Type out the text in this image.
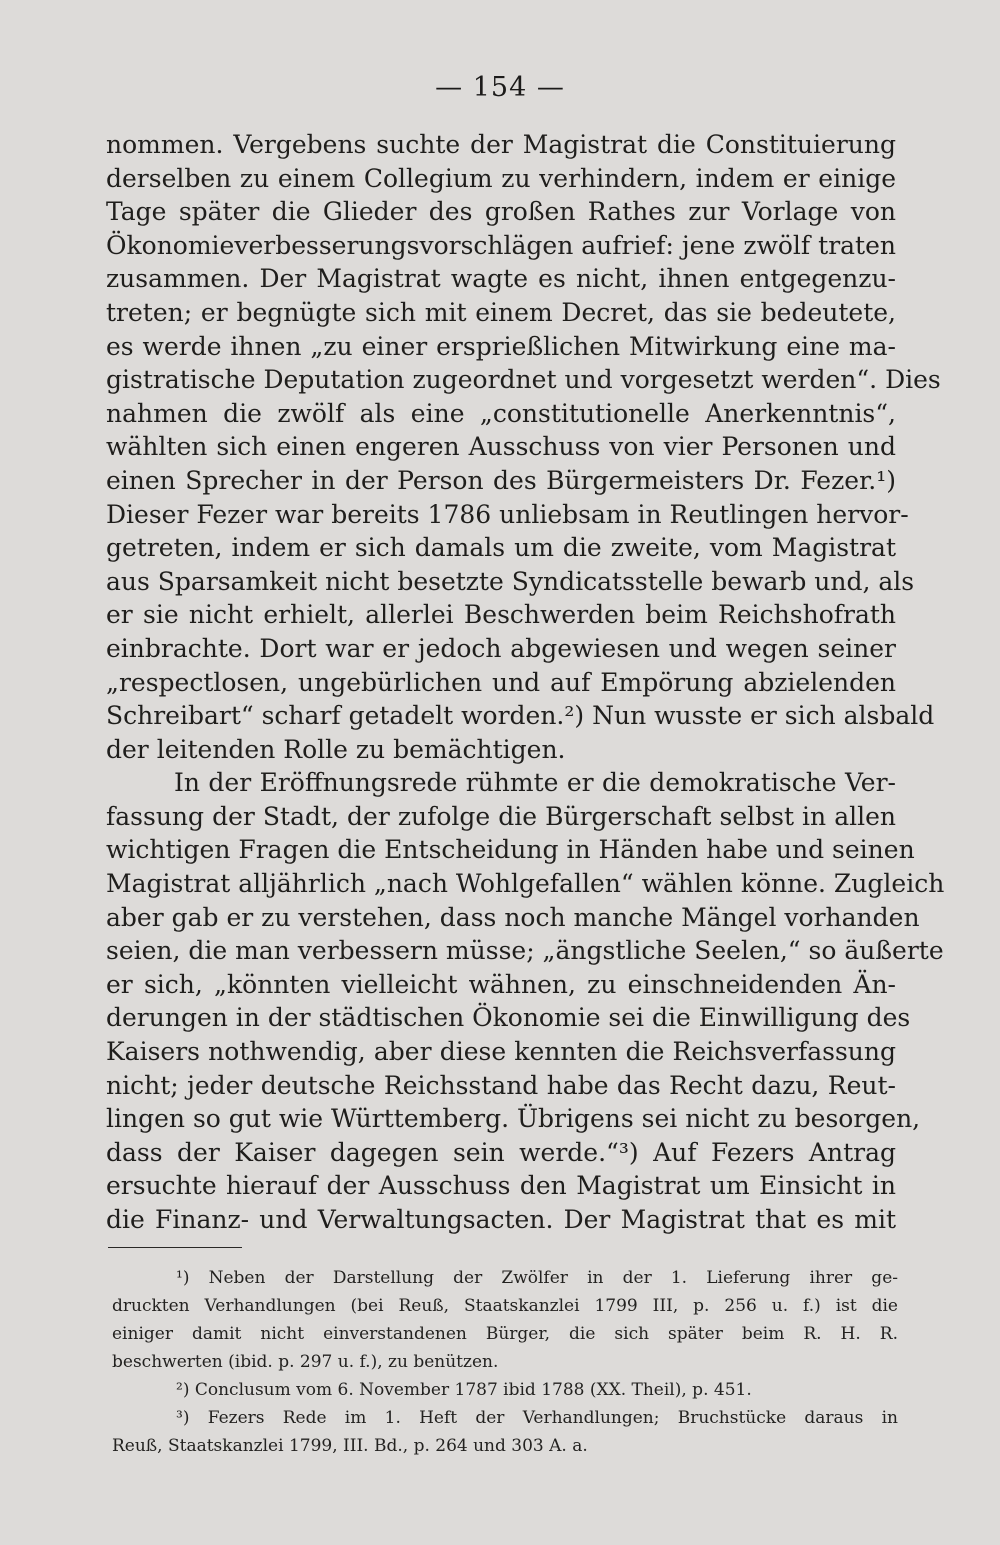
— 154 —
nommen. Vergebens suchte der Magistrat die Constituierung
derselben zu einem Collegium zu verhindern, indem er einige
Tage später die Glieder des großen Rathes zur Vorlage von
Ökonomieverbesserungsvorschlägen aufrief: jene zwölf traten
zusammen. Der Magistrat wagte es nicht, ihnen entgegenzu-
treten; er begnügte sich mit einem Decret, das sie bedeutete,
es werde ihnen „zu einer ersprießlichen Mitwirkung eine ma-
gistratische Deputation zugeordnet und vorgesetzt werden“. Dies
nahmen die zwölf als eine „constitutionelle Anerkenntnis“,
wählten sich einen engeren Ausschuss von vier Personen und
einen Sprecher in der Person des Bürgermeisters Dr. Fezer.¹)
Dieser Fezer war bereits 1786 unliebsam in Reutlingen hervor-
getreten, indem er sich damals um die zweite, vom Magistrat
aus Sparsamkeit nicht besetzte Syndicatsstelle bewarb und, als
er sie nicht erhielt, allerlei Beschwerden beim Reichshofrath
einbrachte. Dort war er jedoch abgewiesen und wegen seiner
„respectlosen, ungebürlichen und auf Empörung abzielenden
Schreibart“ scharf getadelt worden.²) Nun wusste er sich alsbald
der leitenden Rolle zu bemächtigen.
In der Eröffnungsrede rühmte er die demokratische Ver-
fassung der Stadt, der zufolge die Bürgerschaft selbst in allen
wichtigen Fragen die Entscheidung in Händen habe und seinen
Magistrat alljährlich „nach Wohlgefallen“ wählen könne. Zugleich
aber gab er zu verstehen, dass noch manche Mängel vorhanden
seien, die man verbessern müsse; „ängstliche Seelen,“ so äußerte
er sich, „könnten vielleicht wähnen, zu einschneidenden Än-
derungen in der städtischen Ökonomie sei die Einwilligung des
Kaisers nothwendig, aber diese kennten die Reichsverfassung
nicht; jeder deutsche Reichsstand habe das Recht dazu, Reut-
lingen so gut wie Württemberg. Übrigens sei nicht zu besorgen,
dass der Kaiser dagegen sein werde.“³) Auf Fezers Antrag
ersuchte hierauf der Ausschuss den Magistrat um Einsicht in
die Finanz- und Verwaltungsacten. Der Magistrat that es mit
¹) Neben der Darstellung der Zwölfer in der 1. Lieferung ihrer ge-
druckten Verhandlungen (bei Reuß, Staatskanzlei 1799 III, p. 256 u. f.) ist die
einiger damit nicht einverstandenen Bürger, die sich später beim R. H. R.
beschwerten (ibid. p. 297 u. f.), zu benützen.
²) Conclusum vom 6. November 1787 ibid 1788 (XX. Theil), p. 451.
³) Fezers Rede im 1. Heft der Verhandlungen; Bruchstücke daraus in
Reuß, Staatskanzlei 1799, III. Bd., p. 264 und 303 A. a.
